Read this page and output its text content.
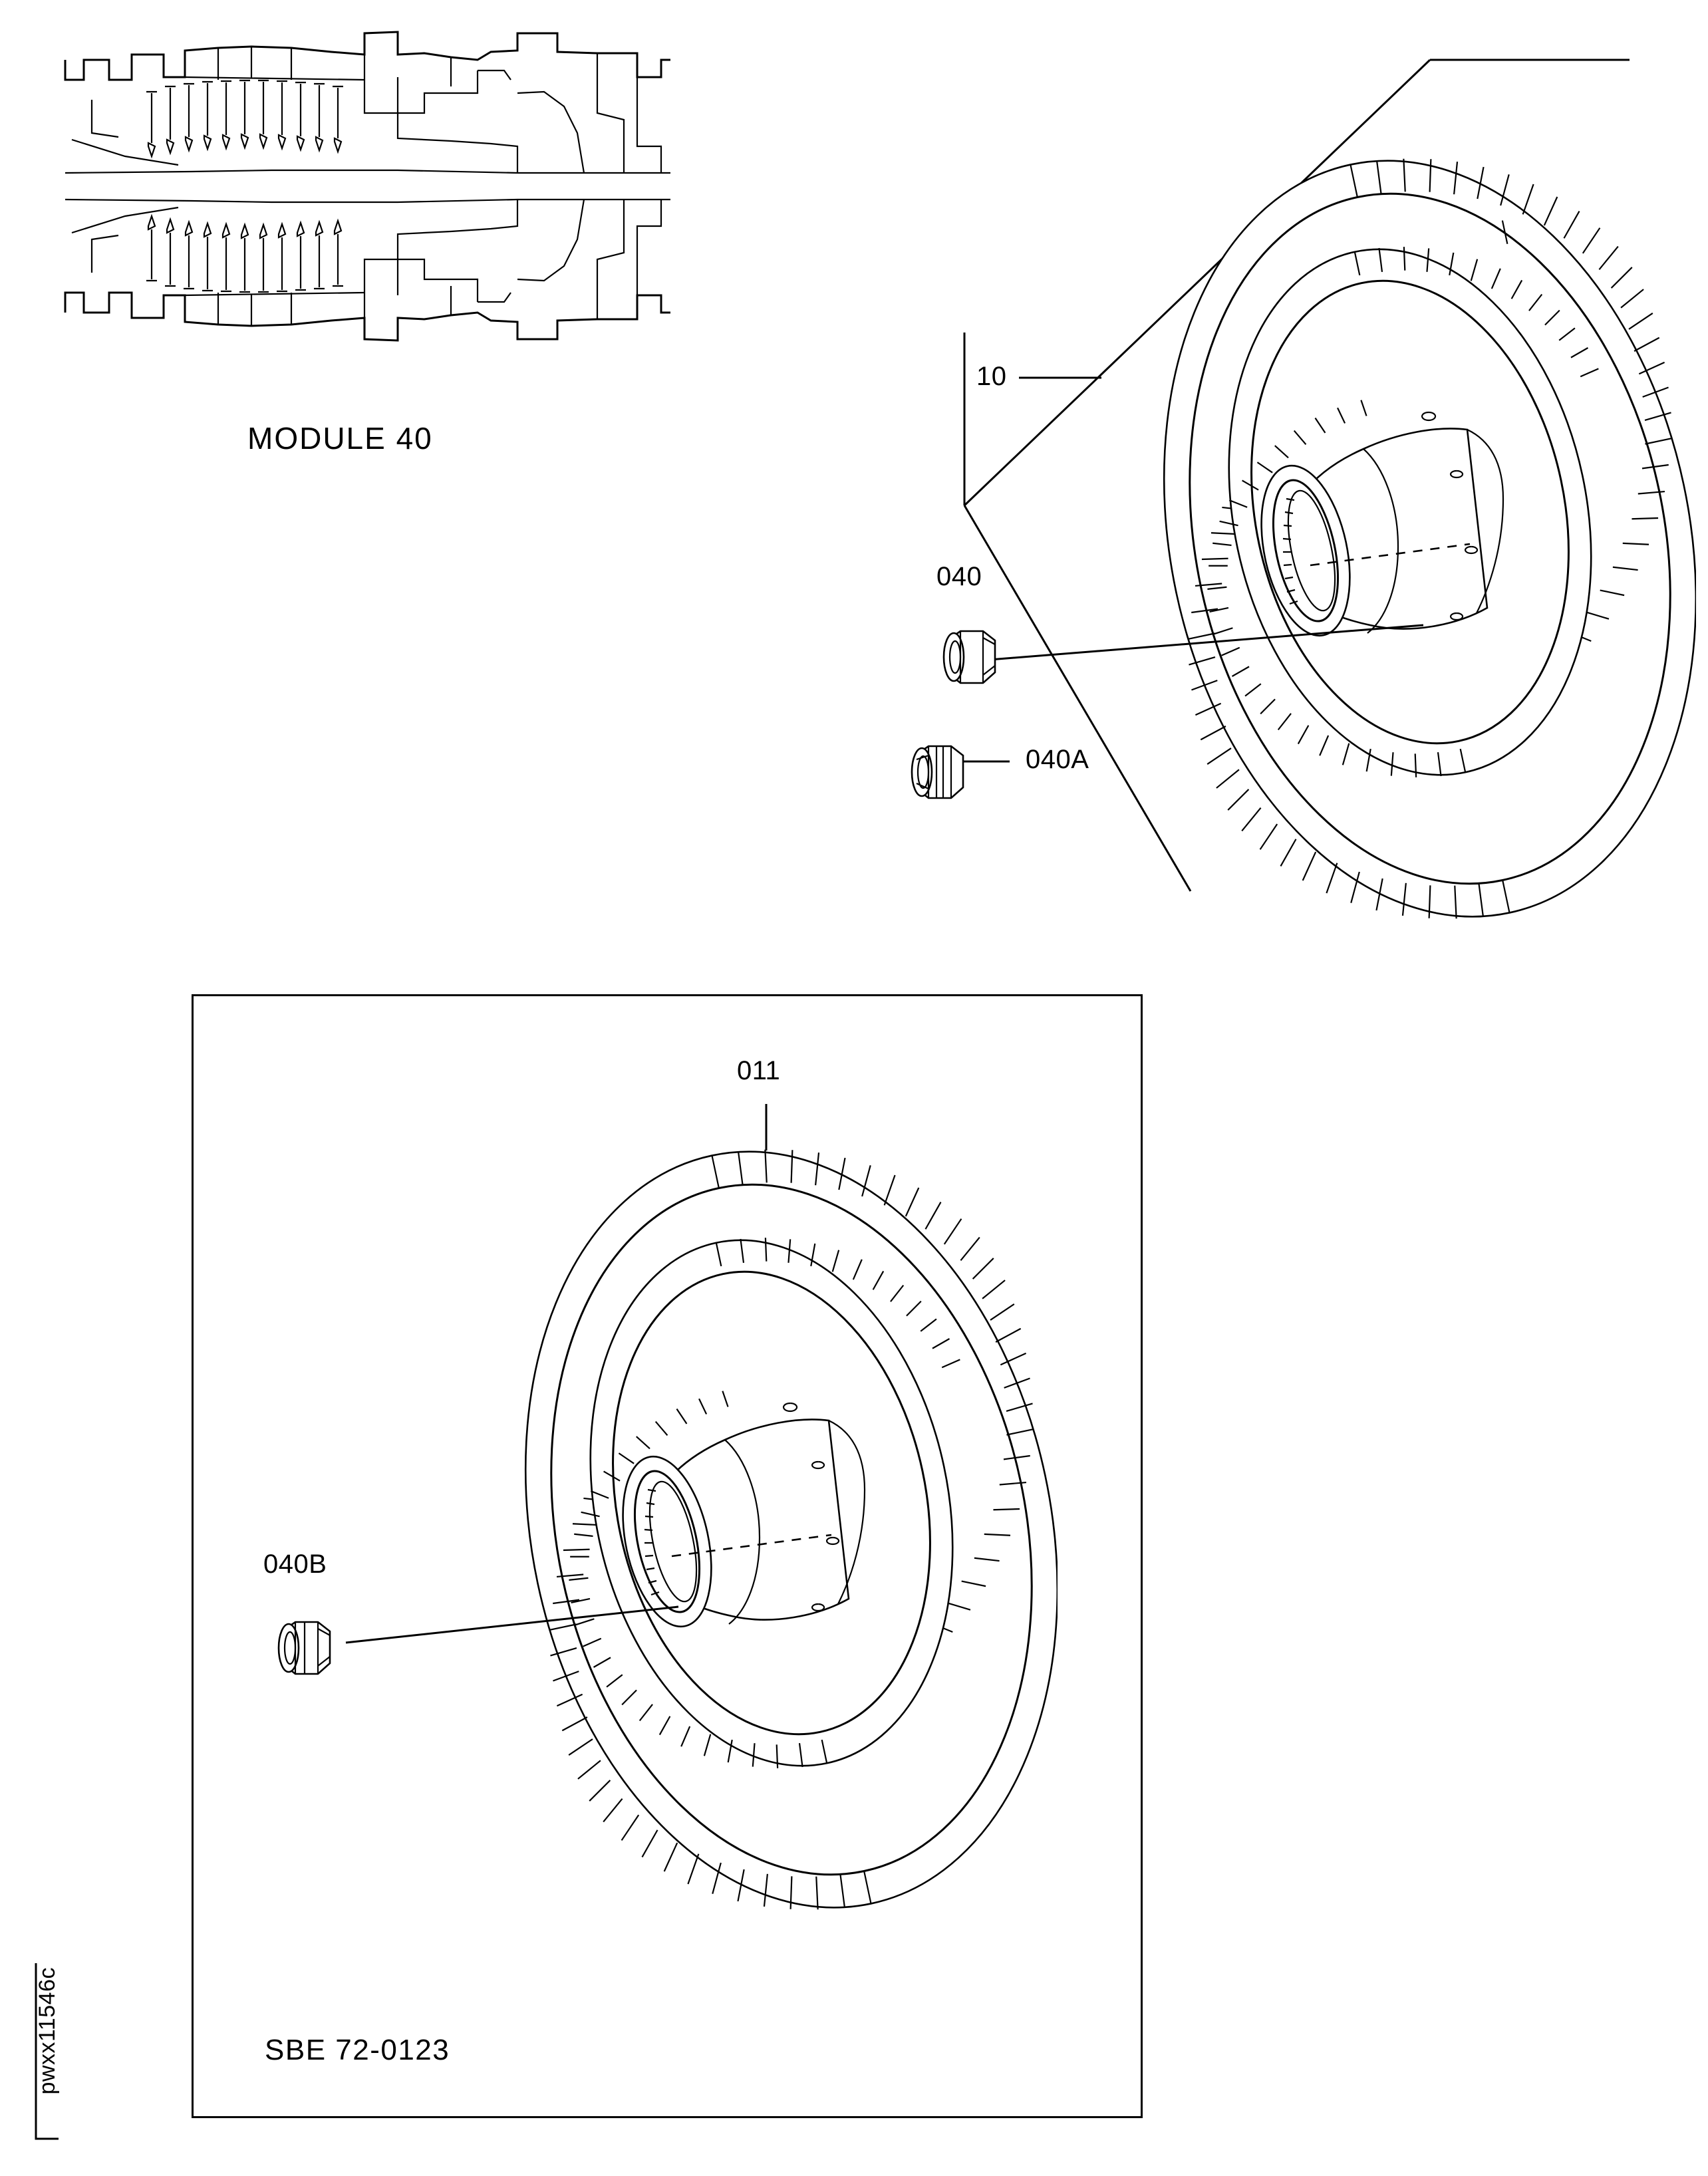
MODULE 40
pwxx11546c
10
040
040A
011
040B
SBE 72-0123
